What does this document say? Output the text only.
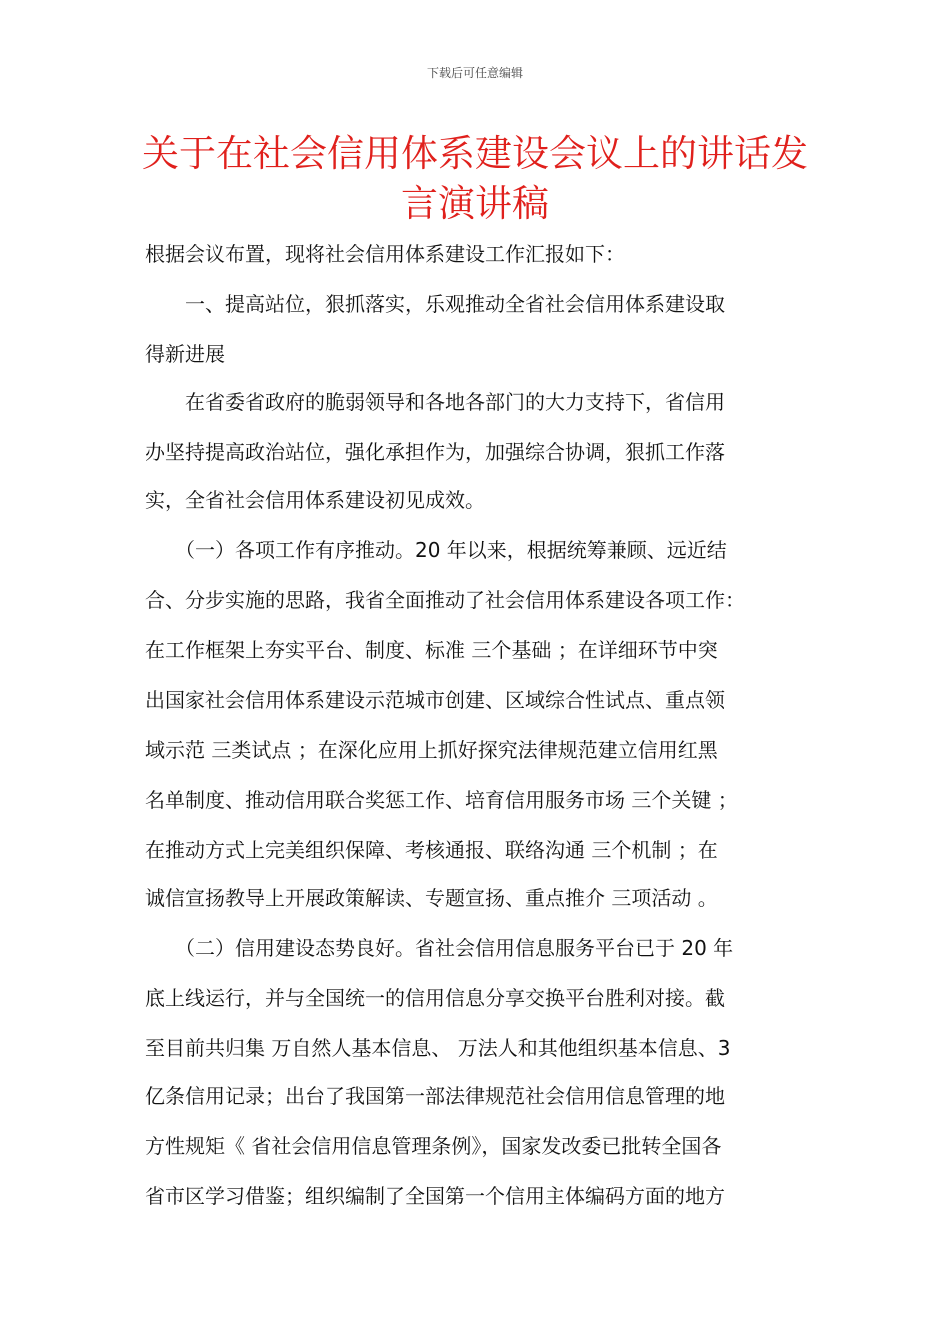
下载后可任意编辑
关于在社会信用体系建设会议上的讲话发
言演讲稿
根据会议布置，现将社会信用体系建设工作汇报如下：
　　一、提高站位，狠抓落实，乐观推动全省社会信用体系建设取
得新进展
　　在省委省政府的脆弱领导和各地各部门的大力支持下，省信用
办坚持提高政治站位，强化承担作为，加强综合协调，狠抓工作落
实，全省社会信用体系建设初见成效。
　　（一）各项工作有序推动。20 年以来，根据统筹兼顾、远近结
合、分步实施的思路，我省全面推动了社会信用体系建设各项工作：
在工作框架上夯实平台、制度、标准 三个基础 ；在详细环节中突
出国家社会信用体系建设示范城市创建、区域综合性试点、重点领
域示范 三类试点 ；在深化应用上抓好探究法律规范建立信用红黑
名单制度、推动信用联合奖惩工作、培育信用服务市场 三个关键 ；
在推动方式上完美组织保障、考核通报、联络沟通 三个机制 ；在
诚信宣扬教导上开展政策解读、专题宣扬、重点推介 三项活动 。
　　（二）信用建设态势良好。省社会信用信息服务平台已于 20 年
底上线运行，并与全国统一的信用信息分享交换平台胜利对接。截
至目前共归集 万自然人基本信息、 万法人和其他组织基本信息、3
亿条信用记录；出台了我国第一部法律规范社会信用信息管理的地
方性规矩《 省社会信用信息管理条例》，国家发改委已批转全国各
省市区学习借鉴；组织编制了全国第一个信用主体编码方面的地方
